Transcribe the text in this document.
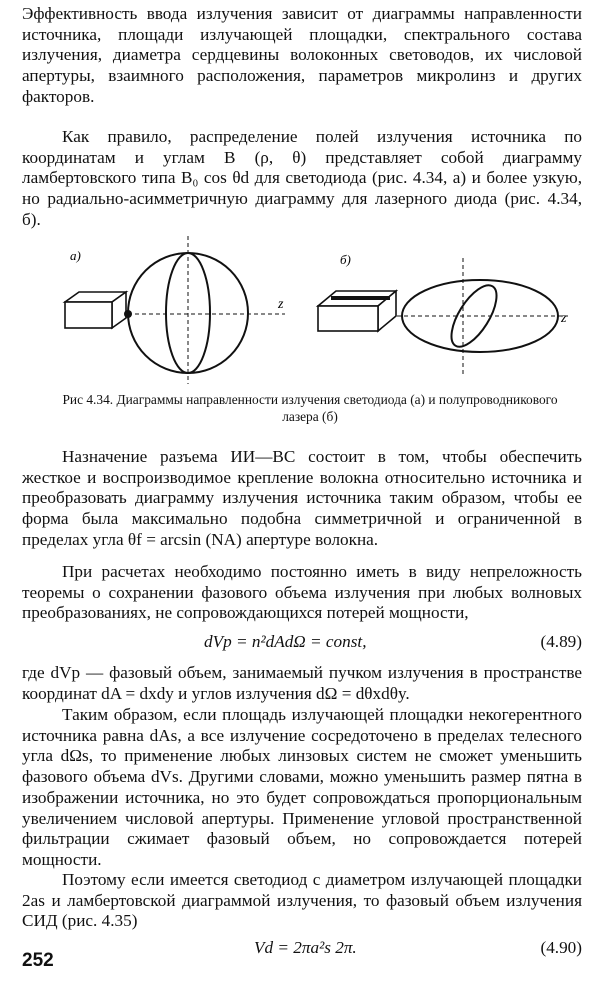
Эффективность ввода излучения зависит от диаграммы направленности источника, площади излучающей площадки, спектрального состава излучения, диаметра сердцевины волоконных световодов, их числовой апертуры, взаимного расположения, параметров микролинз и других факторов.

Как правило, распределение полей излучения источника по координатам и углам B (ρ, θ) представляет собой диаграмму ламбертовского типа B₀ cos θd для светодиода (рис. 4.34, а) и более узкую, но радиально-асимметричную диаграмму для лазерного диода (рис. 4.34, б).

а)
z
б)
z

Рис 4.34. Диаграммы направленности излучения светодиода (а) и полупроводникового лазера (б)

Назначение разъема ИИ—ВС состоит в том, чтобы обеспечить жесткое и воспроизводимое крепление волокна относительно источника и преобразовать диаграмму излучения источника таким образом, чтобы ее форма была максимально подобна симметричной и ограниченной в пределах угла θf = arcsin (NA) апертуре волокна.

При расчетах необходимо постоянно иметь в виду непреложность теоремы о сохранении фазового объема излучения при любых волновых преобразованиях, не сопровождающихся потерей мощности,

dVp = n²dAdΩ = const,	(4.89)

где dVp — фазовый объем, занимаемый пучком излучения в пространстве координат dA = dxdy и углов излучения dΩ = dθxdθy.

Таким образом, если площадь излучающей площадки некогерентного источника равна dAs, а все излучение сосредоточено в пределах телесного угла dΩs, то применение любых линзовых систем не сможет уменьшить фазового объема dVs. Другими словами, можно уменьшить размер пятна в изображении источника, но это будет сопровождаться пропорциональным увеличением числовой апертуры. Применение угловой пространственной фильтрации сжимает фазовый объем, но сопровождается потерей мощности.

Поэтому если имеется светодиод с диаметром излучающей площадки 2as и ламбертовской диаграммой излучения, то фазовый объем излучения СИД (рис. 4.35)

Vd = 2πa²s 2π.	(4.90)
252
